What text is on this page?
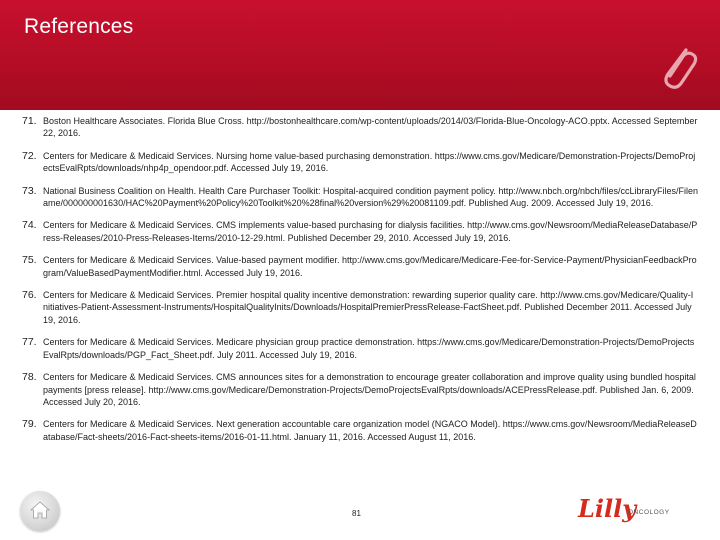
References
71. Boston Healthcare Associates. Florida Blue Cross. http://bostonhealthcare.com/wp-content/uploads/2014/03/Florida-Blue-Oncology-ACO.pptx. Accessed September 22, 2016.
72. Centers for Medicare & Medicaid Services. Nursing home value-based purchasing demonstration. https://www.cms.gov/Medicare/Demonstration-Projects/DemoProjectsEvalRpts/downloads/nhp4p_opendoor.pdf. Accessed July 19, 2016.
73. National Business Coalition on Health. Health Care Purchaser Toolkit: Hospital-acquired condition payment policy. http://www.nbch.org/nbch/files/ccLibraryFiles/Filename/000000001630/HAC%20Payment%20Policy%20Toolkit%20%28final%20version%29%20081109.pdf. Published Aug. 2009. Accessed July 19, 2016.
74. Centers for Medicare & Medicaid Services. CMS implements value-based purchasing for dialysis facilities. http://www.cms.gov/Newsroom/MediaReleaseDatabase/Press-Releases/2010-Press-Releases-Items/2010-12-29.html. Published December 29, 2010. Accessed July 19, 2016.
75. Centers for Medicare & Medicaid Services. Value-based payment modifier. http://www.cms.gov/Medicare/Medicare-Fee-for-Service-Payment/PhysicianFeedbackProgram/ValueBasedPaymentModifier.html. Accessed July 19, 2016.
76. Centers for Medicare & Medicaid Services. Premier hospital quality incentive demonstration: rewarding superior quality care. http://www.cms.gov/Medicare/Quality-Initiatives-Patient-Assessment-Instruments/HospitalQualityInits/Downloads/HospitalPremierPressRelease-FactSheet.pdf. Published December 2011. Accessed July 19, 2016.
77. Centers for Medicare & Medicaid Services. Medicare physician group practice demonstration. https://www.cms.gov/Medicare/Demonstration-Projects/DemoProjectsEvalRpts/downloads/PGP_Fact_Sheet.pdf. July 2011. Accessed July 19, 2016.
78. Centers for Medicare & Medicaid Services. CMS announces sites for a demonstration to encourage greater collaboration and improve quality using bundled hospital payments [press release]. http://www.cms.gov/Medicare/Demonstration-Projects/DemoProjectsEvalRpts/downloads/ACEPressRelease.pdf. Published Jan. 6, 2009. Accessed July 20, 2016.
79. Centers for Medicare & Medicaid Services. Next generation accountable care organization model (NGACO Model). https://www.cms.gov/Newsroom/MediaReleaseDatabase/Fact-sheets/2016-Fact-sheets-items/2016-01-11.html. January 11, 2016. Accessed August 11, 2016.
81	Lilly
ONCOLOGY
